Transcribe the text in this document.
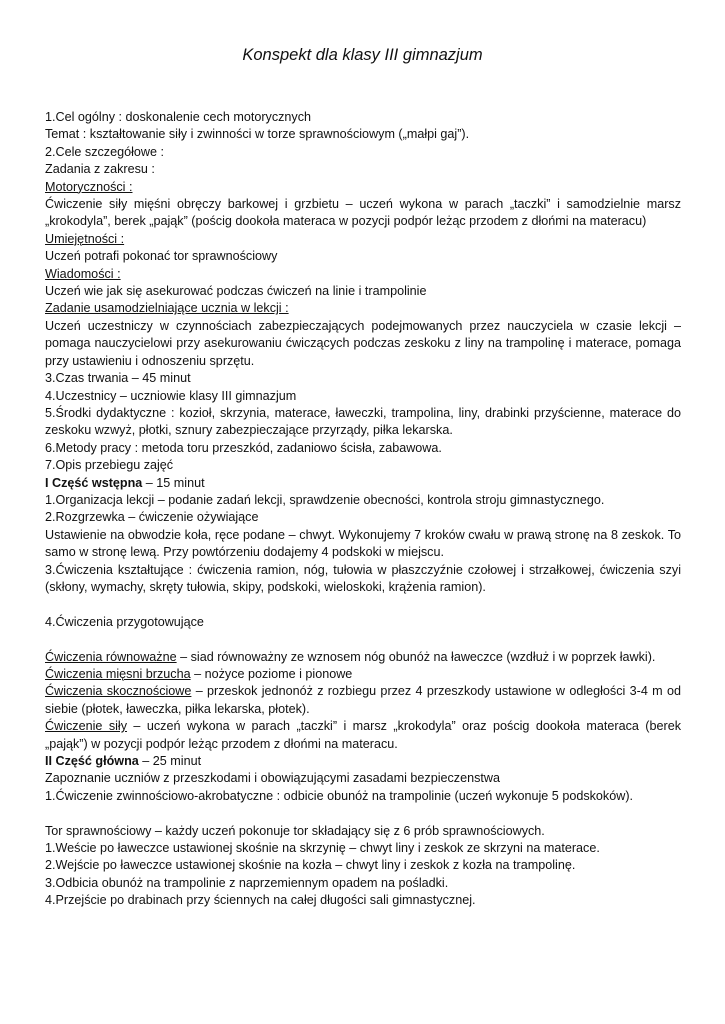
Konspekt dla klasy III gimnazjum

1.Cel ogólny : doskonalenie cech motorycznych

Temat : kształtowanie siły i zwinności w torze sprawnościowym („małpi gaj”).

2.Cele szczegółowe :

Zadania z zakresu :

Motoryczności :

Ćwiczenie siły mięśni obręczy barkowej i grzbietu – uczeń wykona w parach „taczki” i samodzielnie marsz „krokodyla”, berek „pająk” (pościg dookoła materaca w pozycji podpór leżąc przodem z dłońmi na materacu)

Umiejętności :

Uczeń potrafi pokonać tor sprawnościowy

Wiadomości :

Uczeń wie jak się asekurować podczas ćwiczeń na linie i trampolinie

Zadanie usamodzielniające ucznia w lekcji :

Uczeń uczestniczy w czynnościach zabezpieczających podejmowanych przez nauczyciela w czasie lekcji – pomaga nauczycielowi przy asekurowaniu ćwiczących podczas zeskoku z liny na trampolinę i materace, pomaga przy ustawieniu i odnoszeniu sprzętu.

3.Czas trwania – 45 minut

4.Uczestnicy – uczniowie klasy III gimnazjum

5.Środki dydaktyczne : kozioł, skrzynia, materace, ławeczki, trampolina, liny, drabinki przyścienne, materace do zeskoku wzwyż, płotki, sznury zabezpieczające przyrządy, piłka lekarska.

6.Metody pracy : metoda toru przeszkód, zadaniowo ścisła, zabawowa.

7.Opis przebiegu zajęć

I Część wstępna – 15 minut

1.Organizacja lekcji – podanie zadań lekcji, sprawdzenie obecności, kontrola stroju gimnastycznego.

2.Rozgrzewka – ćwiczenie ożywiające

Ustawienie na obwodzie koła, ręce podane – chwyt. Wykonujemy 7 kroków cwału w prawą stronę na 8 zeskok. To samo w stronę lewą. Przy powtórzeniu dodajemy 4 podskoki w miejscu.

3.Ćwiczenia kształtujące : ćwiczenia ramion, nóg, tułowia w płaszczyźnie czołowej i strzałkowej, ćwiczenia szyi (skłony, wymachy, skręty tułowia, skipy, podskoki, wieloskoki, krążenia ramion).

4.Ćwiczenia przygotowujące

Ćwiczenia równoważne – siad równoważny ze wznosem nóg obunóż na ławeczce (wzdłuż i w poprzek ławki).

Ćwiczenia mięsni brzucha – nożyce poziome i pionowe

Ćwiczenia skocznościowe – przeskok jednonóż z rozbiegu przez 4 przeszkody ustawione w odległości 3-4 m od siebie (płotek, ławeczka, piłka lekarska, płotek).

Ćwiczenie siły – uczeń wykona w parach „taczki” i marsz „krokodyla” oraz pościg dookoła materaca (berek „pająk”) w pozycji podpór leżąc przodem z dłońmi na materacu.

II Część główna – 25 minut

Zapoznanie uczniów z przeszkodami i obowiązującymi zasadami bezpieczenstwa

1.Ćwiczenie zwinnościowo-akrobatyczne : odbicie obunóż na trampolinie (uczeń wykonuje 5 podskoków).

Tor sprawnościowy – każdy uczeń pokonuje tor składający się z 6 prób sprawnościowych.

1.Weście po ławeczce ustawionej skośnie na skrzynię – chwyt liny i zeskok ze skrzyni na materace.

2.Wejście po ławeczce ustawionej skośnie na kozła – chwyt liny i zeskok z kozła na trampolinę.

3.Odbicia obunóż na trampolinie z naprzemiennym opadem na pośladki.

4.Przejście po drabinach przy ściennych na całej długości sali gimnastycznej.
